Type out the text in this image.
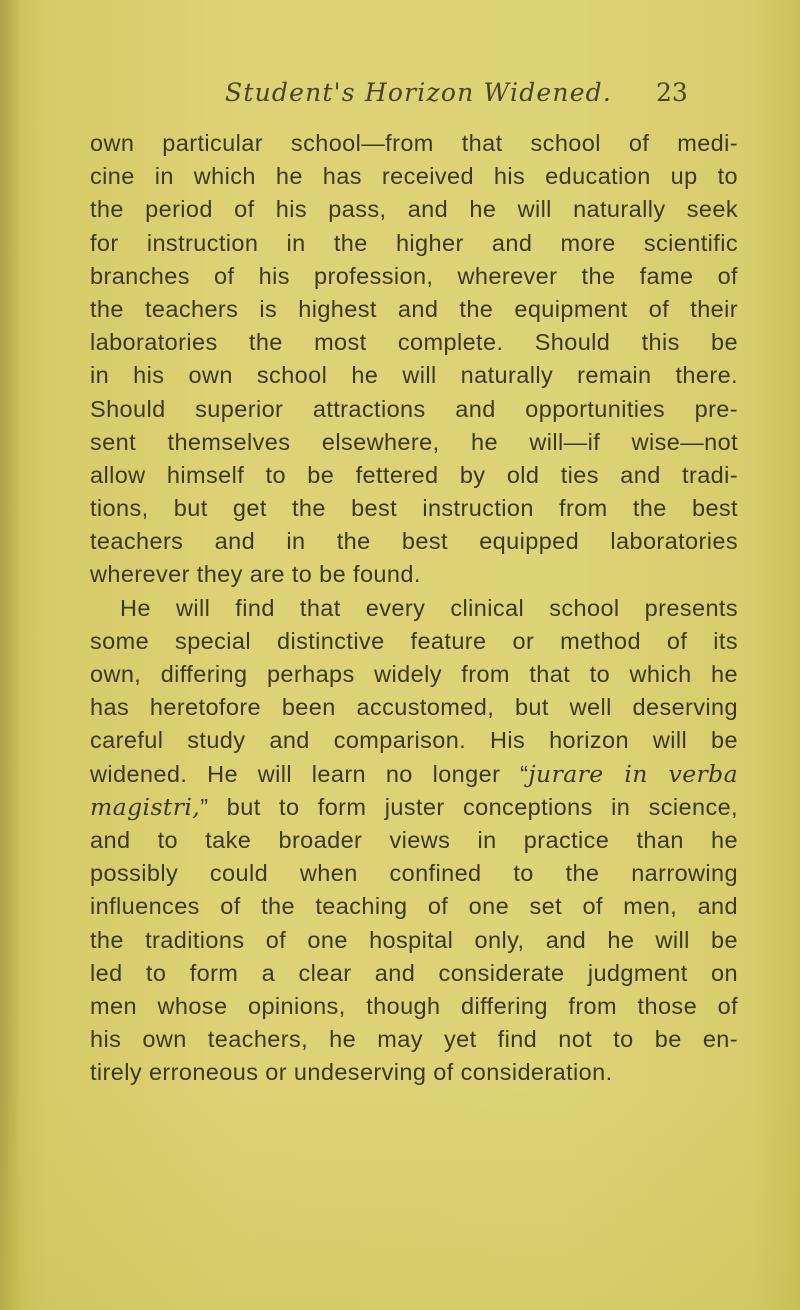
Student's Horizon Widened. 23
own particular school—from that school of medi-
cine in which he has received his education up to
the period of his pass, and he will naturally seek
for instruction in the higher and more scientific
branches of his profession, wherever the fame of
the teachers is highest and the equipment of their
laboratories the most complete. Should this be
in his own school he will naturally remain there.
Should superior attractions and opportunities pre-
sent themselves elsewhere, he will—if wise—not
allow himself to be fettered by old ties and tradi-
tions, but get the best instruction from the best
teachers and in the best equipped laboratories
wherever they are to be found.
He will find that every clinical school presents
some special distinctive feature or method of its
own, differing perhaps widely from that to which he
has heretofore been accustomed, but well deserving
careful study and comparison. His horizon will be
widened. He will learn no longer “jurare in verba
magistri,” but to form juster conceptions in science,
and to take broader views in practice than he
possibly could when confined to the narrowing
influences of the teaching of one set of men, and
the traditions of one hospital only, and he will be
led to form a clear and considerate judgment on
men whose opinions, though differing from those of
his own teachers, he may yet find not to be en-
tirely erroneous or undeserving of consideration.
